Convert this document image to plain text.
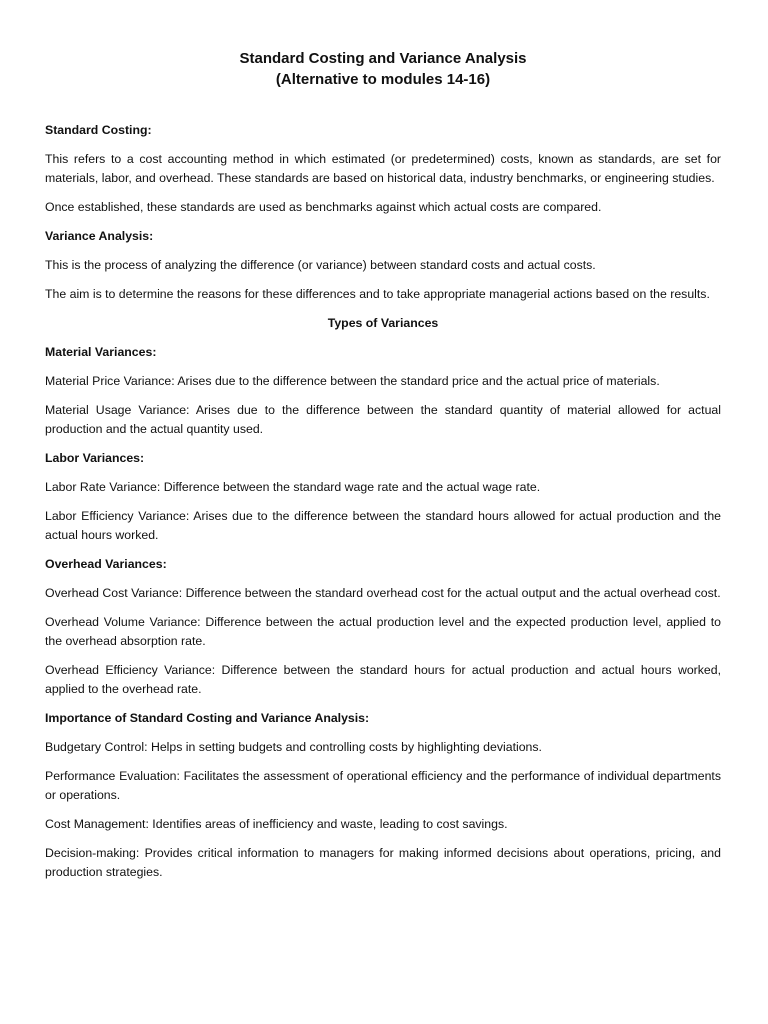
Standard Costing and Variance Analysis
(Alternative to modules 14-16)

Standard Costing:

This refers to a cost accounting method in which estimated (or predetermined) costs, known as standards, are set for materials, labor, and overhead. These standards are based on historical data, industry benchmarks, or engineering studies.

Once established, these standards are used as benchmarks against which actual costs are compared.

Variance Analysis:

This is the process of analyzing the difference (or variance) between standard costs and actual costs.

The aim is to determine the reasons for these differences and to take appropriate managerial actions based on the results.

Types of Variances

Material Variances:

Material Price Variance: Arises due to the difference between the standard price and the actual price of materials.

Material Usage Variance: Arises due to the difference between the standard quantity of material allowed for actual production and the actual quantity used.

Labor Variances:

Labor Rate Variance: Difference between the standard wage rate and the actual wage rate.

Labor Efficiency Variance: Arises due to the difference between the standard hours allowed for actual production and the actual hours worked.

Overhead Variances:

Overhead Cost Variance: Difference between the standard overhead cost for the actual output and the actual overhead cost.

Overhead Volume Variance: Difference between the actual production level and the expected production level, applied to the overhead absorption rate.

Overhead Efficiency Variance: Difference between the standard hours for actual production and actual hours worked, applied to the overhead rate.

Importance of Standard Costing and Variance Analysis:

Budgetary Control: Helps in setting budgets and controlling costs by highlighting deviations.

Performance Evaluation: Facilitates the assessment of operational efficiency and the performance of individual departments or operations.

Cost Management: Identifies areas of inefficiency and waste, leading to cost savings.

Decision-making: Provides critical information to managers for making informed decisions about operations, pricing, and production strategies.
